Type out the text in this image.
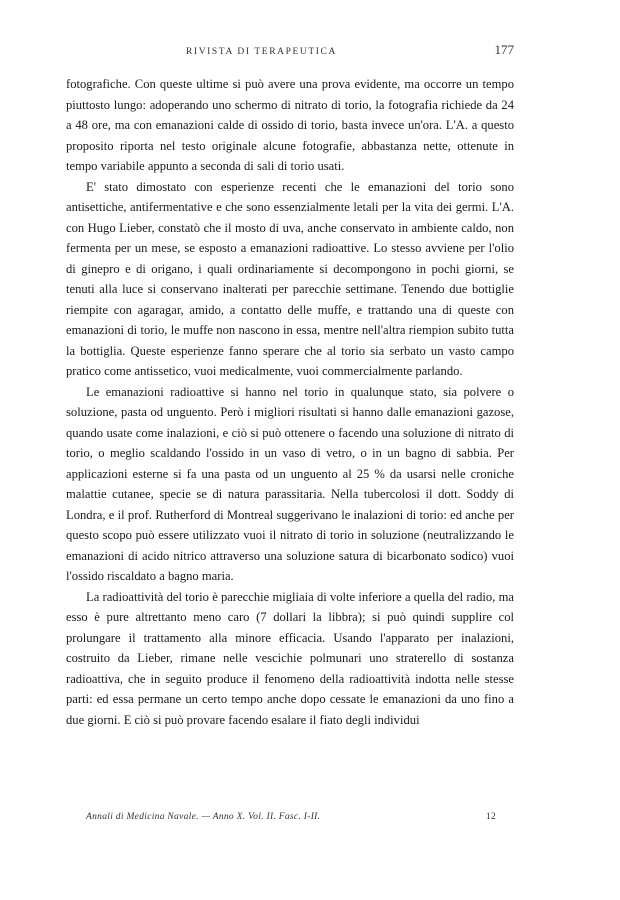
RIVISTA DI TERAPEUTICA	177

fotografiche. Con queste ultime si può avere una prova evidente, ma occorre un tempo piuttosto lungo: adoperando uno schermo di nitrato di torio, la fotografia richiede da 24 a 48 ore, ma con emanazioni calde di ossido di torio, basta invece un'ora. L'A. a questo proposito riporta nel testo originale alcune fotografie, abbastanza nette, ottenute in tempo variabile appunto a seconda di sali di torio usati.

E' stato dimostato con esperienze recenti che le emanazioni del torio sono antisettiche, antifermentative e che sono essenzialmente letali per la vita dei germi. L'A. con Hugo Lieber, constatò che il mosto di uva, anche conservato in ambiente caldo, non fermenta per un mese, se esposto a emanazioni radioattive. Lo stesso avviene per l'olio di ginepro e di origano, i quali ordinariamente si decompongono in pochi giorni, se tenuti alla luce si conservano inalterati per parecchie settimane. Tenendo due bottiglie riempite con agaragar, amido, a contatto delle muffe, e trattando una di queste con emanazioni di torio, le muffe non nascono in essa, mentre nell'altra riempion subito tutta la bottiglia. Queste esperienze fanno sperare che al torio sia serbato un vasto campo pratico come antissetico, vuoi medicalmente, vuoi commercialmente parlando.

Le emanazioni radioattive si hanno nel torio in qualunque stato, sia polvere o soluzione, pasta od unguento. Però i migliori risultati si hanno dalle emanazioni gazose, quando usate come inalazioni, e ciò si può ottenere o facendo una soluzione di nitrato di torio, o meglio scaldando l'ossido in un vaso di vetro, o in un bagno di sabbia. Per applicazioni esterne si fa una pasta od un unguento al 25 % da usarsi nelle croniche malattie cutanee, specie se di natura parassitaria. Nella tubercolosi il dott. Soddy di Londra, e il prof. Rutherford di Montreal suggerivano le inalazioni di torio: ed anche per questo scopo può essere utilizzato vuoi il nitrato di torio in soluzione (neutralizzando le emanazioni di acido nitrico attraverso una soluzione satura di bicarbonato sodico) vuoi l'ossido riscaldato a bagno maria.

La radioattività del torio è parecchie migliaia di volte inferiore a quella del radio, ma esso è pure altrettanto meno caro (7 dollari la libbra); si può quindi supplire col prolungare il trattamento alla minore efficacia. Usando l'apparato per inalazioni, costruito da Lieber, rimane nelle vescichie polmunari uno straterello di sostanza radioattiva, che in seguito produce il fenomeno della radioattività indotta nelle stesse parti: ed essa permane un certo tempo anche dopo cessate le emanazioni da uno fino a due giorni. E ciò si può provare facendo esalare il fiato degli individui

Annali di Medicina Navale. — Anno X. Vol. II. Fasc. I-II.	12
